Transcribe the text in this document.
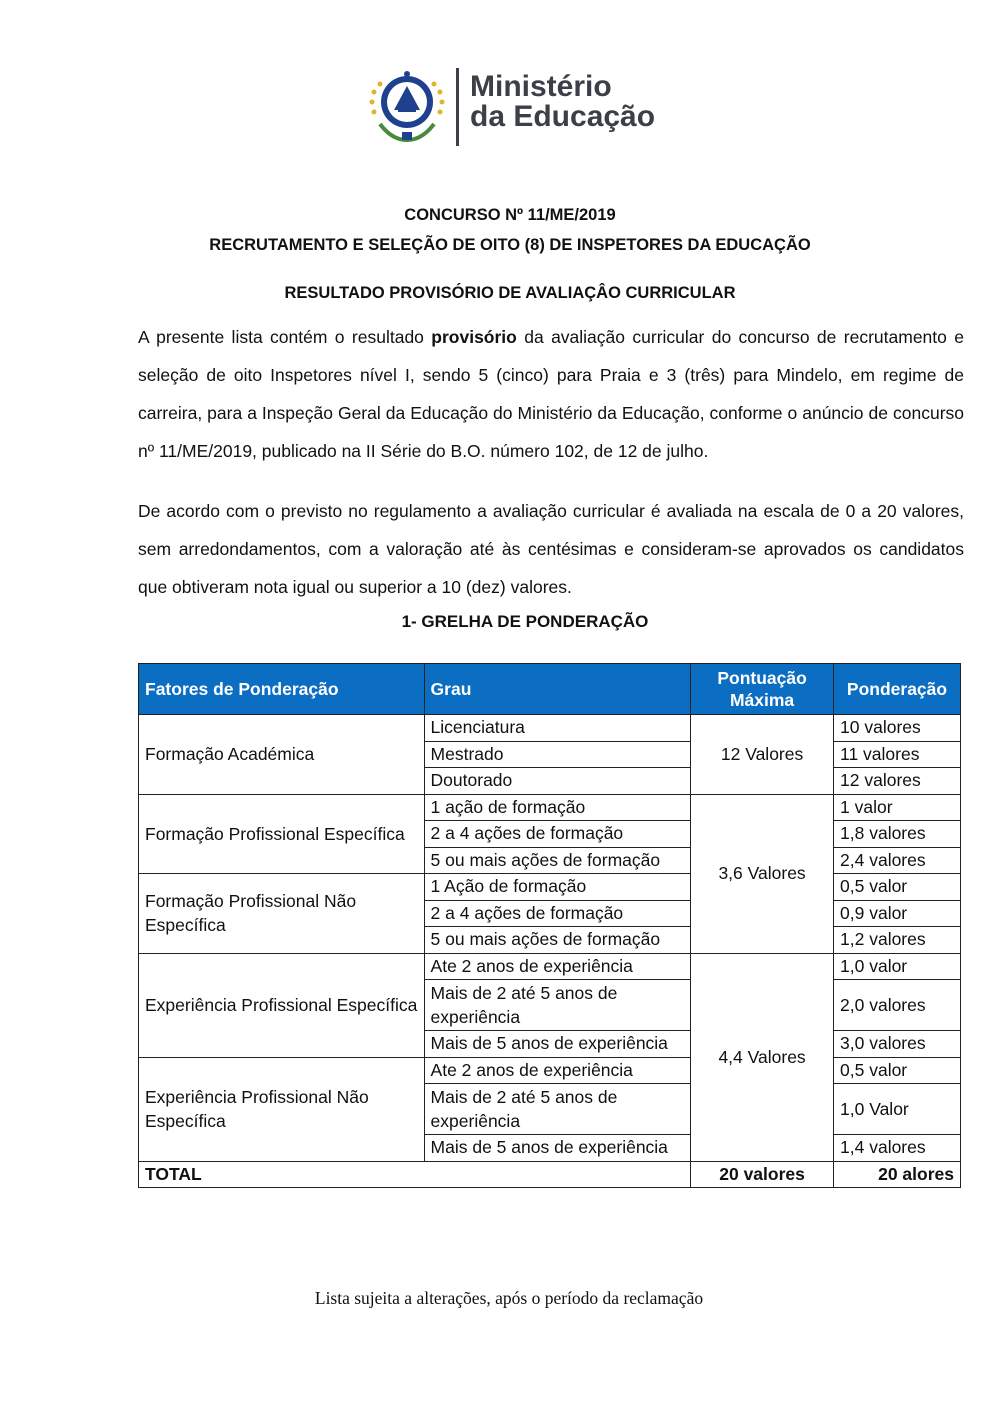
Ministério
da Educação
CONCURSO Nº 11/ME/2019
RECRUTAMENTO E SELEÇÃO DE OITO (8) DE INSPETORES DA EDUCAÇÃO
RESULTADO PROVISÓRIO DE AVALIAÇÂO CURRICULAR
A presente lista contém o resultado provisório da avaliação curricular do concurso de recrutamento e seleção de oito Inspetores nível I, sendo 5 (cinco) para Praia e 3 (três) para Mindelo, em regime de carreira, para a Inspeção Geral da Educação do Ministério da Educação, conforme o anúncio de concurso nº 11/ME/2019, publicado na II Série do B.O. número 102, de 12 de julho.
De acordo com o previsto no regulamento a avaliação curricular é avaliada na escala de 0 a 20 valores, sem arredondamentos, com a valoração até às centésimas e consideram-se aprovados os candidatos que obtiveram nota igual ou superior a 10 (dez) valores.
1- GRELHA DE PONDERAÇÃO
Fatores de Ponderação	Grau	Pontuação Máxima	Ponderação
Formação Académica	Licenciatura	12 Valores	10 valores
	Mestrado		11 valores
	Doutorado		12 valores
Formação Profissional Específica	1 ação de formação	3,6 Valores	1 valor
	2 a 4 ações de formação		1,8 valores
	5 ou mais ações de formação		2,4 valores
Formação Profissional Não Específica	1 Ação de formação		0,5 valor
	2 a 4 ações de formação		0,9 valor
	5 ou mais ações de formação		1,2 valores
Experiência Profissional Específica	Ate 2 anos de experiência	4,4 Valores	1,0 valor
	Mais de 2 até 5 anos de experiência		2,0 valores
	Mais de 5 anos de experiência		3,0 valores
Experiência Profissional Não Específica	Ate 2 anos de experiência		0,5 valor
	Mais de 2 até 5 anos de experiência		1,0 Valor
	Mais de 5 anos de experiência		1,4 valores
TOTAL		20 valores	20 alores
Lista sujeita a alterações, após o período da reclamação
